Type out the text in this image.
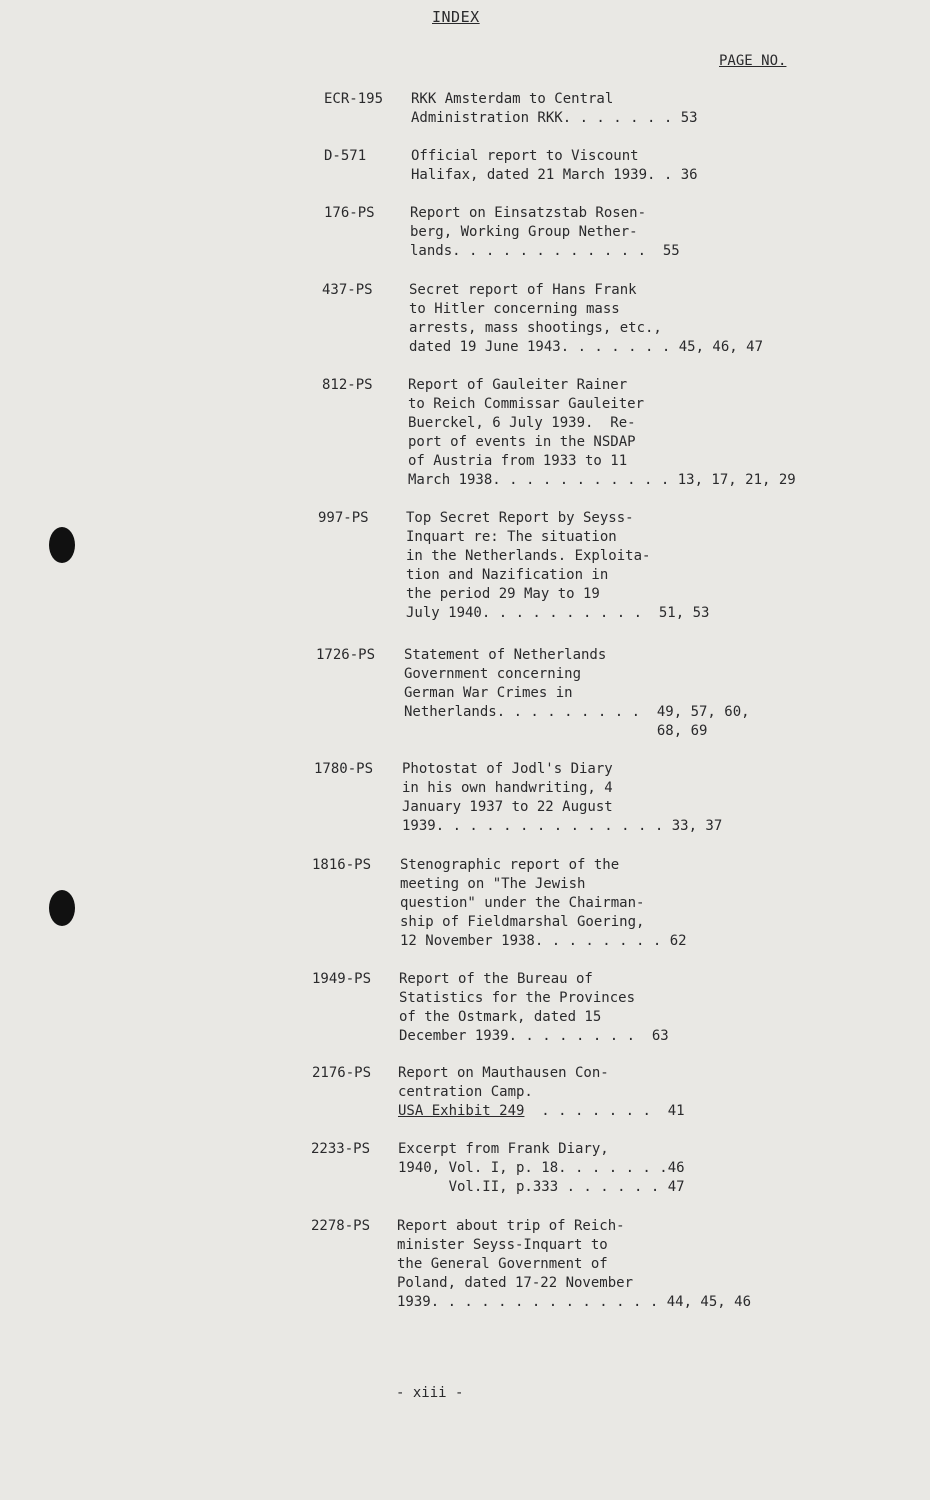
INDEX
PAGE NO.
ECR-195 RKK Amsterdam to Central
Administration RKK. . . . . . . 53
D-571	Official report to Viscount
Halifax, dated 21 March 1939. . 36
176-PS	Report on Einsatzstab Rosen-
berg, Working Group Nether-
lands. . . . . . . . . . . .  55
437-PS	Secret report of Hans Frank
to Hitler concerning mass
arrests, mass shootings, etc.,
dated 19 June 1943. . . . . . . 45, 46, 47
812-PS	Report of Gauleiter Rainer
to Reich Commissar Gauleiter
Buerckel, 6 July 1939.  Re-
port of events in the NSDAP
of Austria from 1933 to 11
March 1938. . . . . . . . . . . 13, 17, 21, 29
997-PS	Top Secret Report by Seyss-
Inquart re: The situation
in the Netherlands. Exploita-
tion and Nazification in
the period 29 May to 19
July 1940. . . . . . . . . .  51, 53
1726-PS Statement of Netherlands
Government concerning
German War Crimes in
Netherlands. . . . . . . . .  49, 57, 60,
68, 69
1780-PS Photostat of Jodl's Diary
in his own handwriting, 4
January 1937 to 22 August
1939. . . . . . . . . . . . . . 33, 37
1816-PS Stenographic report of the
meeting on "The Jewish
question" under the Chairman-
ship of Fieldmarshal Goering,
12 November 1938. . . . . . . . 62
1949-PS Report of the Bureau of
Statistics for the Provinces
of the Ostmark, dated 15
December 1939. . . . . . . .  63
2176-PS Report on Mauthausen Con-
centration Camp.
USA Exhibit 249  . . . . . . .  41
2233-PS Excerpt from Frank Diary,
1940, Vol. I, p. 18. . . . . . .46
Vol.II, p.333 . . . . . . 47
2278-PS Report about trip of Reich-
minister Seyss-Inquart to
the General Government of
Poland, dated 17-22 November
1939. . . . . . . . . . . . . . 44, 45, 46
- xiii -
